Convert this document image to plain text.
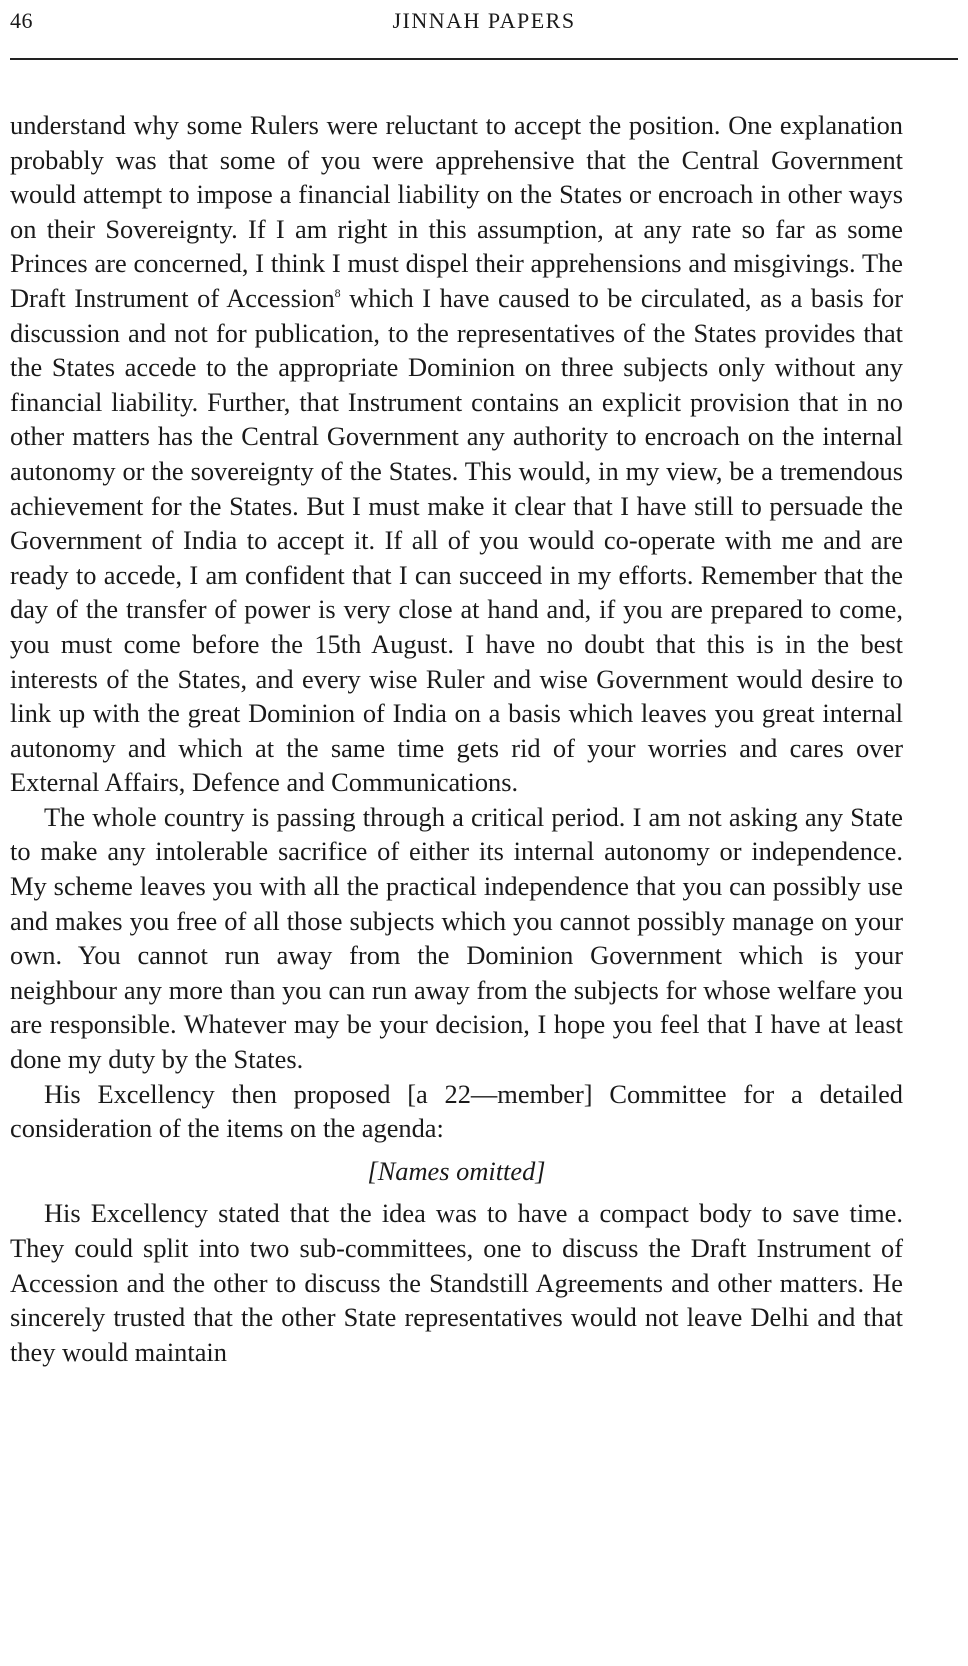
46	JINNAH PAPERS

understand why some Rulers were reluctant to accept the position. One explanation probably was that some of you were apprehensive that the Central Government would attempt to impose a financial liability on the States or encroach in other ways on their Sovereignty. If I am right in this assumption, at any rate so far as some Princes are concerned, I think I must dispel their apprehensions and misgivings. The Draft Instrument of Accession$^8$ which I have caused to be circulated, as a basis for discussion and not for publication, to the representatives of the States provides that the States accede to the appropriate Dominion on three subjects only without any financial liability. Further, that Instrument contains an explicit provision that in no other matters has the Central Government any authority to encroach on the internal autonomy or the sovereignty of the States. This would, in my view, be a tremendous achievement for the States. But I must make it clear that I have still to persuade the Government of India to accept it. If all of you would co-operate with me and are ready to accede, I am confident that I can succeed in my efforts. Remember that the day of the transfer of power is very close at hand and, if you are prepared to come, you must come before the 15th August. I have no doubt that this is in the best interests of the States, and every wise Ruler and wise Government would desire to link up with the great Dominion of India on a basis which leaves you great internal autonomy and which at the same time gets rid of your worries and cares over External Affairs, Defence and Communications.

The whole country is passing through a critical period. I am not asking any State to make any intolerable sacrifice of either its internal autonomy or independence. My scheme leaves you with all the practical independence that you can possibly use and makes you free of all those subjects which you cannot possibly manage on your own. You cannot run away from the Dominion Government which is your neighbour any more than you can run away from the subjects for whose welfare you are responsible. Whatever may be your decision, I hope you feel that I have at least done my duty by the States.

His Excellency then proposed [a 22—member] Committee for a detailed consideration of the items on the agenda:

[Names omitted]

His Excellency stated that the idea was to have a compact body to save time. They could split into two sub-committees, one to discuss the Draft Instrument of Accession and the other to discuss the Standstill Agreements and other matters. He sincerely trusted that the other State representatives would not leave Delhi and that they would maintain
